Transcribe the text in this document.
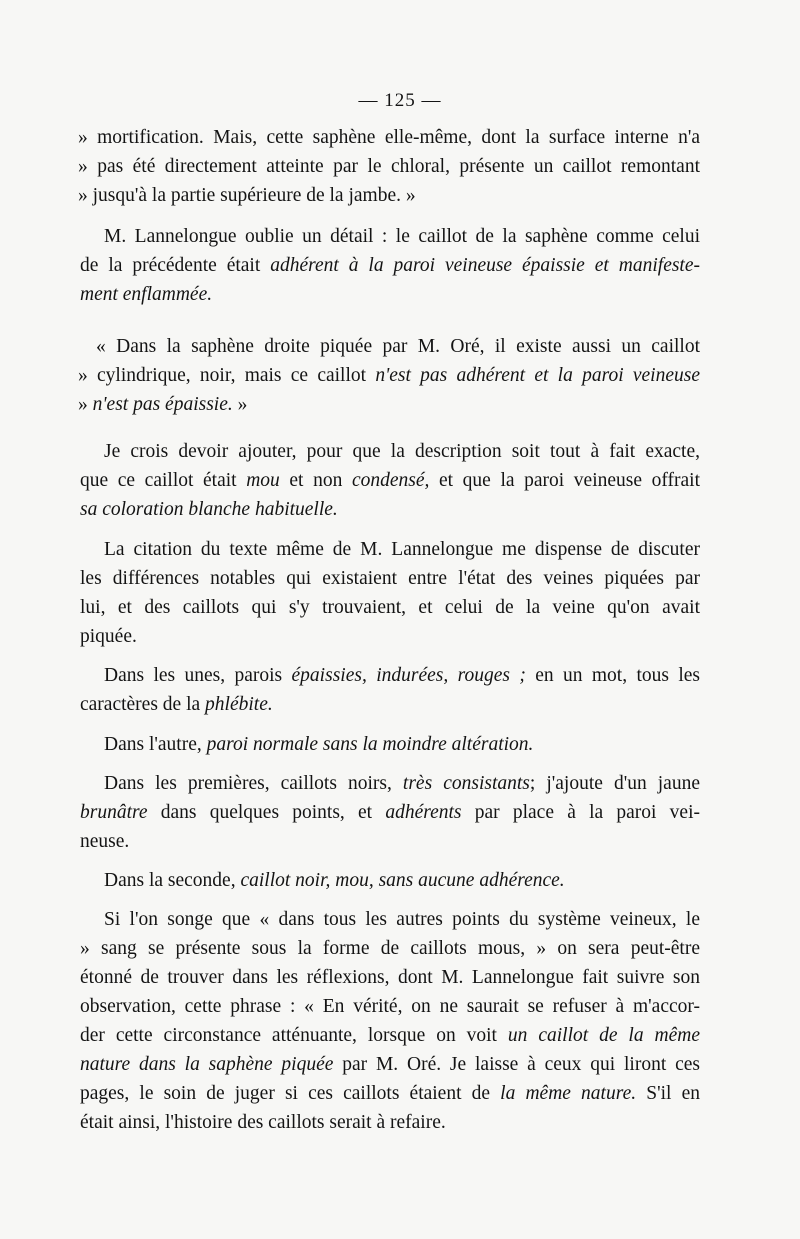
— 125 —
» mortification. Mais, cette saphène elle-même, dont la surface interne n'a
» pas été directement atteinte par le chloral, présente un caillot remontant
» jusqu'à la partie supérieure de la jambe. »
M. Lannelongue oublie un détail : le caillot de la saphène comme celui
de la précédente était adhérent à la paroi veineuse épaissie et manifeste-
ment enflammée.
« Dans la saphène droite piquée par M. Oré, il existe aussi un caillot
» cylindrique, noir, mais ce caillot n'est pas adhérent et la paroi veineuse
» n'est pas épaissie. »
Je crois devoir ajouter, pour que la description soit tout à fait exacte,
que ce caillot était mou et non condensé, et que la paroi veineuse offrait
sa coloration blanche habituelle.
La citation du texte même de M. Lannelongue me dispense de discuter
les différences notables qui existaient entre l'état des veines piquées par
lui, et des caillots qui s'y trouvaient, et celui de la veine qu'on avait
piquée.
Dans les unes, parois épaissies, indurées, rouges ; en un mot, tous les
caractères de la phlébite.
Dans l'autre, paroi normale sans la moindre altération.
Dans les premières, caillots noirs, très consistants; j'ajoute d'un jaune
brunâtre dans quelques points, et adhérents par place à la paroi vei-
neuse.
Dans la seconde, caillot noir, mou, sans aucune adhérence.
Si l'on songe que « dans tous les autres points du système veineux, le
» sang se présente sous la forme de caillots mous, » on sera peut-être
étonné de trouver dans les réflexions, dont M. Lannelongue fait suivre son
observation, cette phrase : « En vérité, on ne saurait se refuser à m'accor-
der cette circonstance atténuante, lorsque on voit un caillot de la même
nature dans la saphène piquée par M. Oré. Je laisse à ceux qui liront ces
pages, le soin de juger si ces caillots étaient de la même nature. S'il en
était ainsi, l'histoire des caillots serait à refaire.
